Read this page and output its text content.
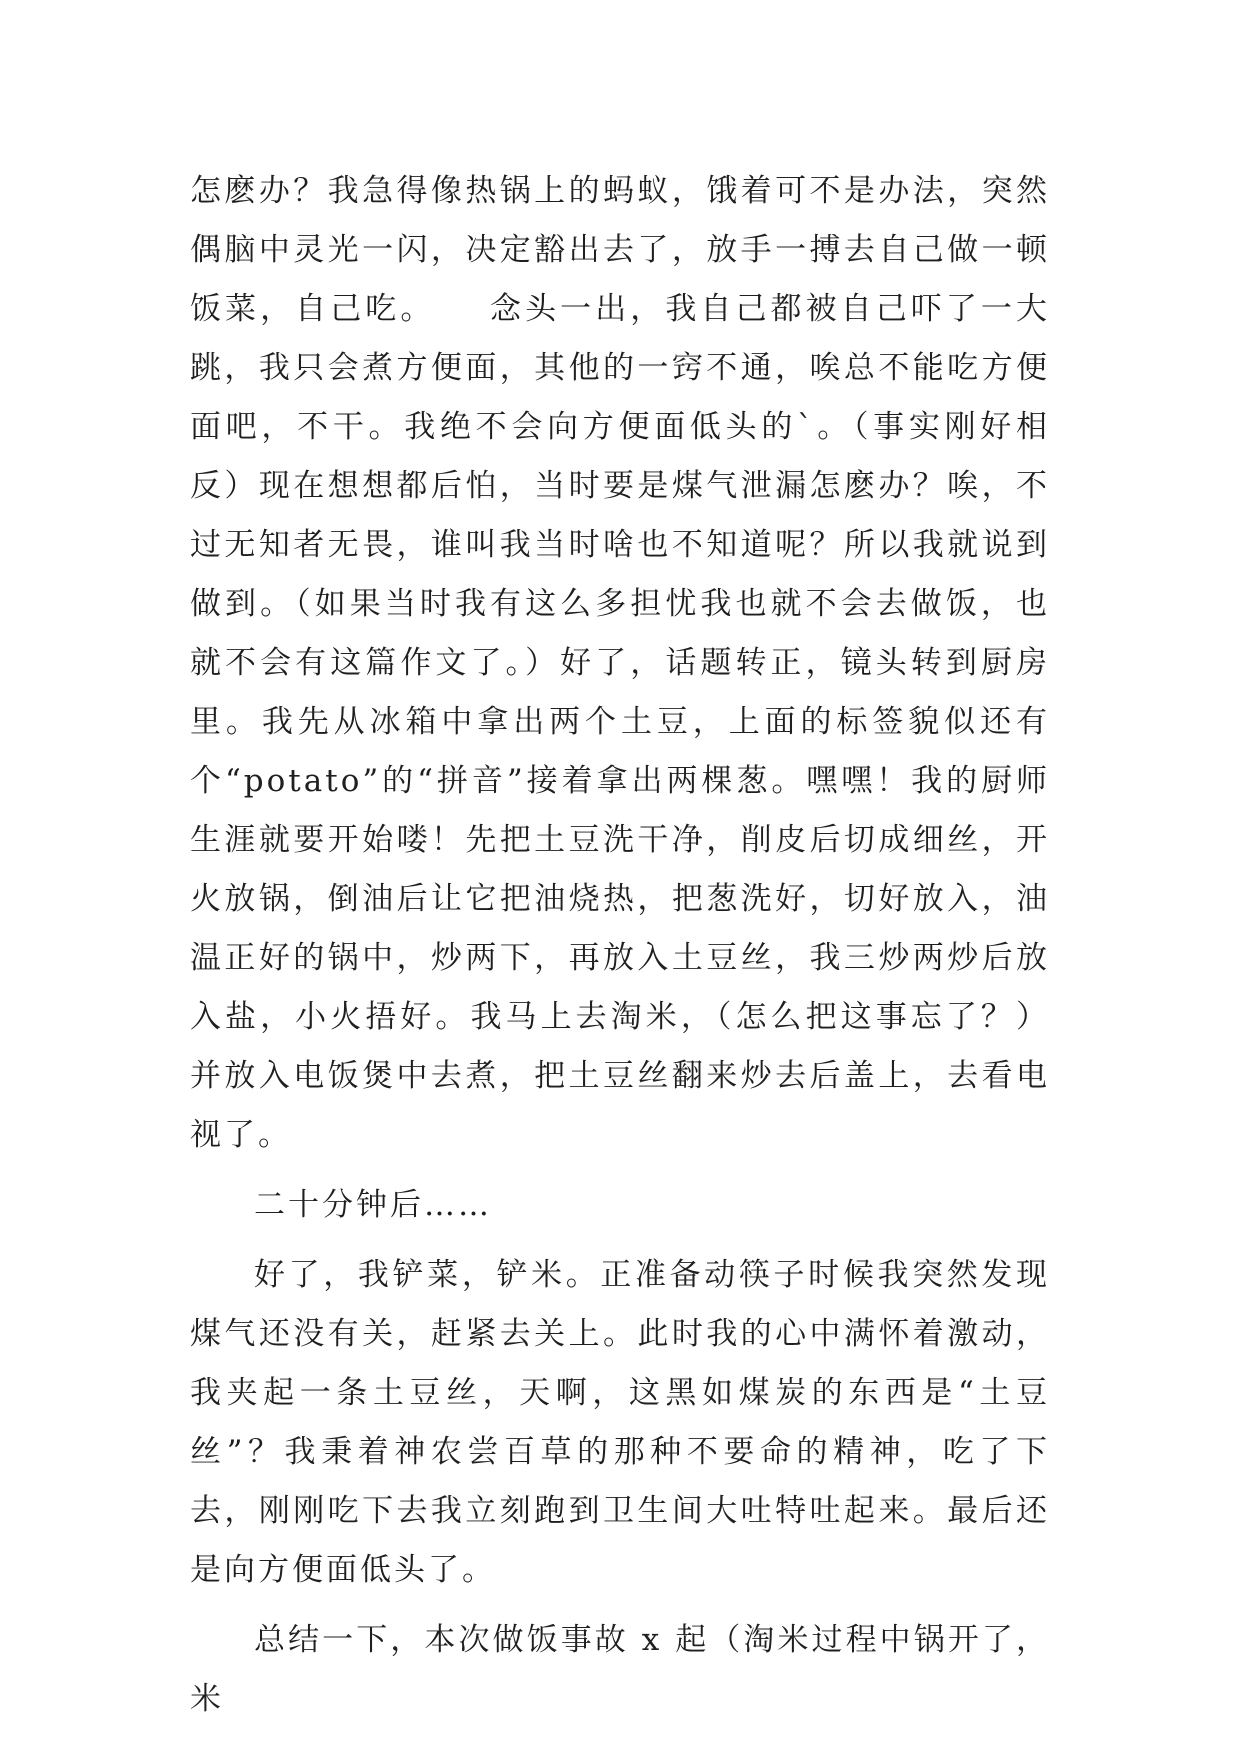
怎麽办？我急得像热锅上的蚂蚁，饿着可不是办法，突然偶脑中灵光一闪，决定豁出去了，放手一搏去自己做一顿饭菜，自己吃。　　念头一出，我自己都被自己吓了一大跳，我只会煮方便面，其他的一窍不通，唉总不能吃方便面吧，不干。我绝不会向方便面低头的`。（事实刚好相反）现在想想都后怕，当时要是煤气泄漏怎麽办？唉，不过无知者无畏，谁叫我当时啥也不知道呢？所以我就说到做到。（如果当时我有这么多担忧我也就不会去做饭，也就不会有这篇作文了。）好了，话题转正，镜头转到厨房里。我先从冰箱中拿出两个土豆，上面的标签貌似还有个“potato”的“拼音”接着拿出两棵葱。嘿嘿！我的厨师生涯就要开始喽！先把土豆洗干净，削皮后切成细丝，开火放锅，倒油后让它把油烧热，把葱洗好，切好放入，油温正好的锅中，炒两下，再放入土豆丝，我三炒两炒后放入盐，小火捂好。我马上去淘米，（怎么把这事忘了？）并放入电饭煲中去煮，把土豆丝翻来炒去后盖上，去看电视了。

二十分钟后……

好了，我铲菜，铲米。正准备动筷子时候我突然发现煤气还没有关，赶紧去关上。此时我的心中满怀着激动，我夹起一条土豆丝，天啊，这黑如煤炭的东西是“土豆丝”？我秉着神农尝百草的那种不要命的精神，吃了下去，刚刚吃下去我立刻跑到卫生间大吐特吐起来。最后还是向方便面低头了。

总结一下，本次做饭事故 x 起（淘米过程中锅开了，米
